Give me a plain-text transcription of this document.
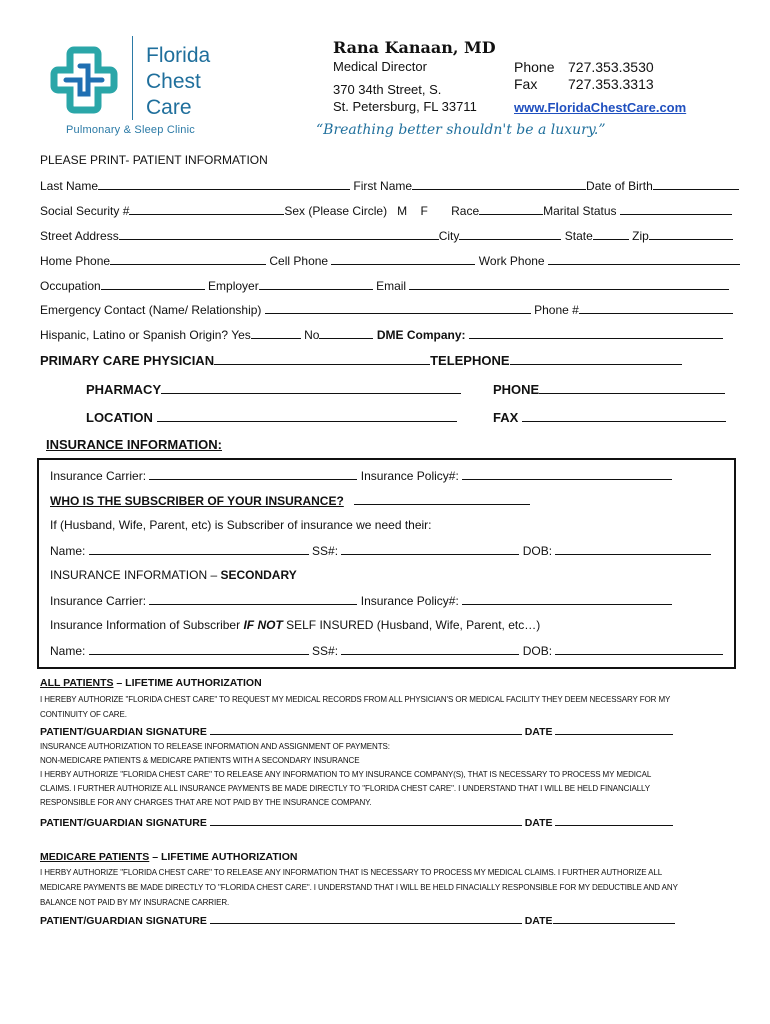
Florida
Chest
Care
Pulmonary & Sleep Clinic
Rana Kanaan, MD
Medical Director
370 34th Street, S.
St. Petersburg, FL 33711
Phone 727.353.3530
Fax 727.353.3313
www.FloridaChestCare.com
“Breathing better shouldn't be a luxury.”
PLEASE PRINT- PATIENT INFORMATION
Last Name	First Name	Date of Birth
Social Security #	Sex (Please Circle) M F Race	Marital Status
Street Address	City	State	Zip
Home Phone	Cell Phone	Work Phone
Occupation	Employer	Email
Emergency Contact (Name/ Relationship)	Phone #
Hispanic, Latino or Spanish Origin? Yes	No	DME Company:
PRIMARY CARE PHYSICIAN	TELEPHONE
PHARMACY	PHONE
LOCATION	FAX
INSURANCE INFORMATION:
Insurance Carrier:	Insurance Policy#:
WHO IS THE SUBSCRIBER OF YOUR INSURANCE?
If (Husband, Wife, Parent, etc) is Subscriber of insurance we need their:
Name:	SS#:	DOB:
INSURANCE INFORMATION – SECONDARY
Insurance Carrier:	Insurance Policy#:
Insurance Information of Subscriber IF NOT SELF INSURED (Husband, Wife, Parent, etc…)
Name:	SS#:	DOB:
ALL PATIENTS – LIFETIME AUTHORIZATION
I HEREBY AUTHORIZE "FLORIDA CHEST CARE" TO REQUEST MY MEDICAL RECORDS FROM ALL PHYSICIAN'S OR MEDICAL FACILITY THEY DEEM NECESSARY FOR MY
CONTINUITY OF CARE.
PATIENT/GUARDIAN SIGNATURE	DATE
INSURANCE AUTHORIZATION TO RELEASE INFORMATION AND ASSIGNMENT OF PAYMENTS:
NON-MEDICARE PATIENTS & MEDICARE PATIENTS WITH A SECONDARY INSURANCE
I HERBY AUTHORIZE "FLORIDA CHEST CARE" TO RELEASE ANY INFORMATION TO MY INSURANCE COMPANY(S), THAT IS NECESSARY TO PROCESS MY MEDICAL
CLAIMS. I FURTHER AUTHORIZE ALL INSURANCE PAYMENTS BE MADE DIRECTLY TO "FLORIDA CHEST CARE". I UNDERSTAND THAT I WILL BE HELD FINANCIALLY
RESPONSIBLE FOR ANY CHARGES THAT ARE NOT PAID BY THE INSURANCE COMPANY.
PATIENT/GUARDIAN SIGNATURE	DATE
MEDICARE PATIENTS – LIFETIME AUTHORIZATION
I HERBY AUTHORIZE "FLORIDA CHEST CARE" TO RELEASE ANY INFORMATION THAT IS NECESSARY TO PROCESS MY MEDICAL CLAIMS. I FURTHER AUTHORIZE ALL
MEDICARE PAYMENTS BE MADE DIRECTLY TO "FLORIDA CHEST CARE". I UNDERSTAND THAT I WILL BE HELD FINACIALLY RESPONSIBLE FOR MY DEDUCTIBLE AND ANY
BALANCE NOT PAID BY MY INSURACNE CARRIER.
PATIENT/GUARDIAN SIGNATURE	DATE
